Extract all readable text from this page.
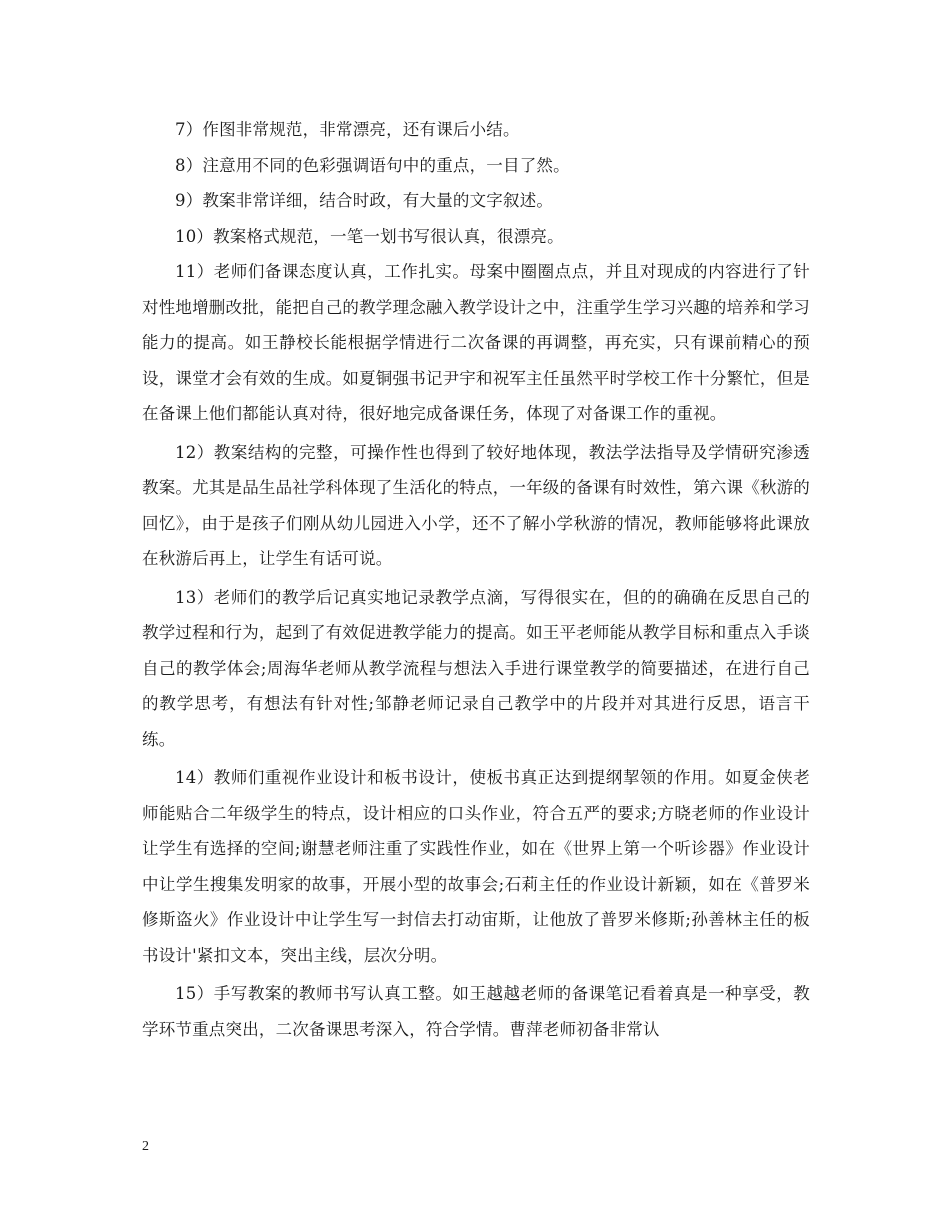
7）作图非常规范，非常漂亮，还有课后小结。

8）注意用不同的色彩强调语句中的重点，一目了然。

9）教案非常详细，结合时政，有大量的文字叙述。

10）教案格式规范，一笔一划书写很认真，很漂亮。

11）老师们备课态度认真，工作扎实。母案中圈圈点点，并且对现成的内容进行了针对性地增删改批，能把自己的教学理念融入教学设计之中，注重学生学习兴趣的培养和学习能力的提高。如王静校长能根据学情进行二次备课的再调整，再充实，只有课前精心的预设，课堂才会有效的生成。如夏铜强书记尹宇和祝军主任虽然平时学校工作十分繁忙，但是在备课上他们都能认真对待，很好地完成备课任务，体现了对备课工作的重视。

12）教案结构的完整，可操作性也得到了较好地体现，教法学法指导及学情研究渗透教案。尤其是品生品社学科体现了生活化的特点，一年级的备课有时效性，第六课《秋游的回忆》，由于是孩子们刚从幼儿园进入小学，还不了解小学秋游的情况，教师能够将此课放在秋游后再上，让学生有话可说。

13）老师们的教学后记真实地记录教学点滴，写得很实在，但的的确确在反思自己的教学过程和行为，起到了有效促进教学能力的提高。如王平老师能从教学目标和重点入手谈自己的教学体会;周海华老师从教学流程与想法入手进行课堂教学的简要描述，在进行自己的教学思考，有想法有针对性;邹静老师记录自己教学中的片段并对其进行反思，语言干练。

14）教师们重视作业设计和板书设计，使板书真正达到提纲挈领的作用。如夏金侠老师能贴合二年级学生的特点，设计相应的口头作业，符合五严的要求;方晓老师的作业设计让学生有选择的空间;谢慧老师注重了实践性作业，如在《世界上第一个听诊器》作业设计中让学生搜集发明家的故事，开展小型的故事会;石莉主任的作业设计新颖，如在《普罗米修斯盗火》作业设计中让学生写一封信去打动宙斯，让他放了普罗米修斯;孙善林主任的板书设计'紧扣文本，突出主线，层次分明。

15）手写教案的教师书写认真工整。如王越越老师的备课笔记看着真是一种享受，教学环节重点突出，二次备课思考深入，符合学情。曹萍老师初备非常认

2
